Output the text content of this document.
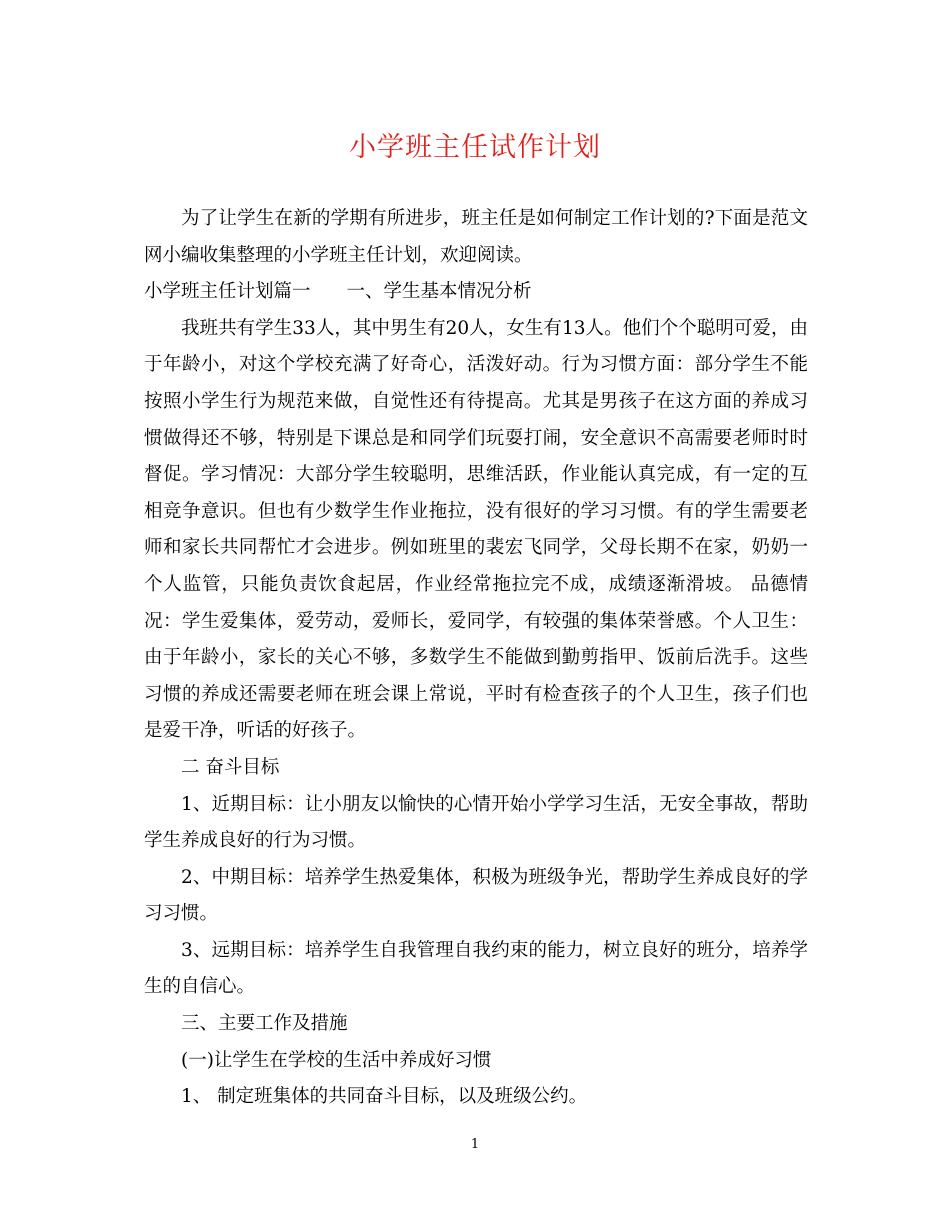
小学班主任试作计划

为了让学生在新的学期有所进步，班主任是如何制定工作计划的?下面是范文网小编收集整理的小学班主任计划，欢迎阅读。

小学班主任计划篇一 一、学生基本情况分析

我班共有学生33人，其中男生有20人，女生有13人。他们个个聪明可爱，由于年龄小，对这个学校充满了好奇心，活泼好动。行为习惯方面：部分学生不能按照小学生行为规范来做，自觉性还有待提高。尤其是男孩子在这方面的养成习惯做得还不够，特别是下课总是和同学们玩耍打闹，安全意识不高需要老师时时督促。学习情况：大部分学生较聪明，思维活跃，作业能认真完成，有一定的互相竞争意识。但也有少数学生作业拖拉，没有很好的学习习惯。有的学生需要老师和家长共同帮忙才会进步。例如班里的裴宏飞同学，父母长期不在家，奶奶一个人监管，只能负责饮食起居，作业经常拖拉完不成，成绩逐渐滑坡。 品德情况：学生爱集体，爱劳动，爱师长，爱同学，有较强的集体荣誉感。个人卫生：由于年龄小，家长的关心不够，多数学生不能做到勤剪指甲、饭前后洗手。这些习惯的养成还需要老师在班会课上常说，平时有检查孩子的个人卫生，孩子们也是爱干净，听话的好孩子。

二 奋斗目标

1、近期目标：让小朋友以愉快的心情开始小学学习生活，无安全事故，帮助学生养成良好的行为习惯。

2、中期目标：培养学生热爱集体，积极为班级争光，帮助学生养成良好的学习习惯。

3、远期目标：培养学生自我管理自我约束的能力，树立良好的班分，培养学生的自信心。

三、主要工作及措施

(一)让学生在学校的生活中养成好习惯

1、 制定班集体的共同奋斗目标，以及班级公约。

1
